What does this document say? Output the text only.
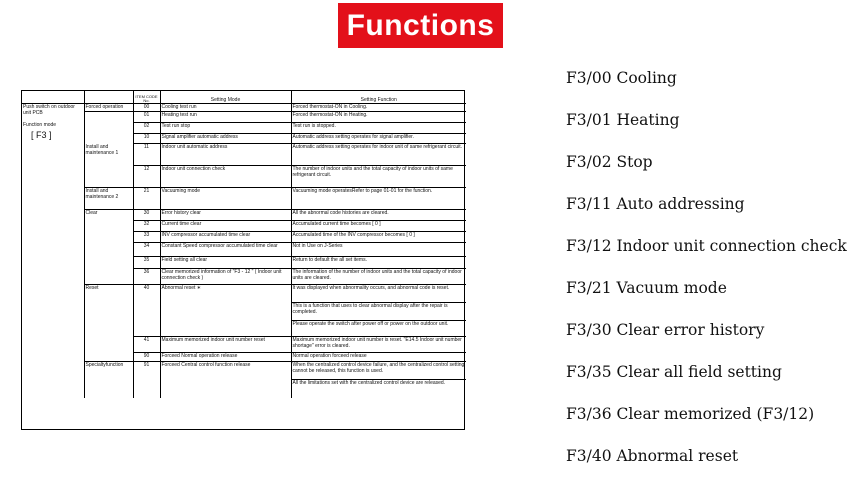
Functions
		ITEM CODE No.	Setting Mode	Setting Function
Push switch on outdoor unit PCB
Function mode
[ F3 ]	Forced operation	00	Cooling test run	Forced thermostat-ON in Cooling.
	Install and maintenance 1	01	Heating test run	Forced thermostat-ON in Heating.
		02	Test run stop	Test run is stopped.
		10	Signal amplifier automatic address	Automatic address setting operates for signal amplifier.
		11	Indoor unit automatic address	Automatic address setting operates for indoor unit of same refrigerant circuit.
		12	Indoor unit connection check	The number of indoor units and the total capacity of indoor units of same refrigerant circuit.
	Install and maintenance 2	21	Vacuuming mode	Vacuuming mode operatesRefer to page 01-01 for the function.
	Clear	30	Error history clear	All the abnormal code histories are cleared.
		32	Current time clear	Accumulated current time becomes [ 0 ]
		33	INV compressor accumulated time clear	Accumulated time of the INV compressor becomes [ 0 ]
		34	Constant Speed compressor accumulated time clear	Not in Use on J-Series
		35	Field setting all clear	Return to default the all set items.
		36	Clear memorized information of "F3 - 12 " ( Indoor unit connection check )	The information of the number of indoor units and the total capacity of indoor units are cleared.
	Reset	40	Abnormal reset ∗	It was displayed when abnormality occurs, and abnormal code is reset.
				This is a function that uses to clear abnormal display after the repair is completed.
				Please operate the switch after power off or power on the outdoor unit.
		41	Maximum memorized indoor unit number reset	Maximum memorized indoor unit number is reset. "E14.5 Indoor unit number shortage" error is cleared.
		90	Forceed Normal operation release	Normal operation forceed release
	Specialtyfunction	91	Forceed Central control function release	When the centralized control device failure, and the centralized control setting cannot be released, this function is used.
				All the limitations set with the centralized control device are released.
F3/00 Cooling
F3/01 Heating
F3/02 Stop
F3/11 Auto addressing
F3/12 Indoor unit connection check
F3/21 Vacuum mode
F3/30 Clear error history
F3/35 Clear all field setting
F3/36 Clear memorized (F3/12)
F3/40 Abnormal reset
